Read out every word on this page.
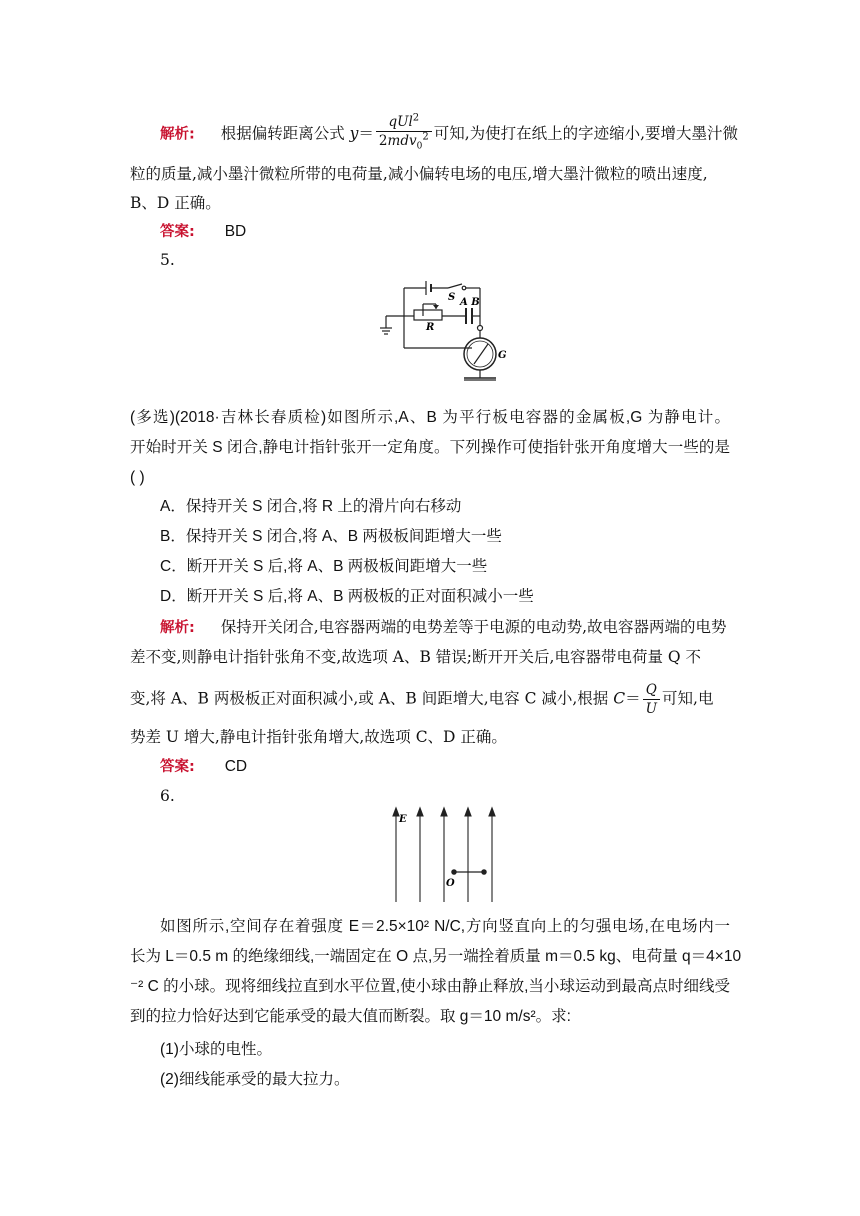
解析: 根据偏转距离公式 $y= \frac{qUl^2}{2mdv_0^2}$ 可知,为使打在纸上的字迹缩小,要增大墨汁微
粒的质量,减小墨汁微粒所带的电荷量,减小偏转电场的电压,增大墨汁微粒的喷出速度,
B、D 正确。
答案: BD
5.
S A B
R
G
(多选)(2018·吉林长春质检)如图所示,A、B 为平行板电容器的金属板,G 为静电计。
开始时开关 S 闭合,静电计指针张开一定角度。下列操作可使指针张开角度增大一些的是
( )
A．保持开关 S 闭合,将 R 上的滑片向右移动
B．保持开关 S 闭合,将 A、B 两极板间距增大一些
C．断开开关 S 后,将 A、B 两极板间距增大一些
D．断开开关 S 后,将 A、B 两极板的正对面积减小一些
解析: 保持开关闭合,电容器两端的电势差等于电源的电动势,故电容器两端的电势
差不变,则静电计指针张角不变,故选项 A、B 错误;断开开关后,电容器带电荷量 Q 不
变,将 A、B 两极板正对面积减小,或 A、B 间距增大,电容 C 减小,根据 $C= \frac{Q}{U}$ 可知,电
势差 U 增大,静电计指针张角增大,故选项 C、D 正确。
答案: CD
6.
E
O
如图所示,空间存在着强度 E＝2.5×10² N/C,方向竖直向上的匀强电场,在电场内一
长为 L＝0.5 m 的绝缘细线,一端固定在 O 点,另一端拴着质量 m＝0.5 kg、电荷量 q＝4×10
⁻² C 的小球。现将细线拉直到水平位置,使小球由静止释放,当小球运动到最高点时细线受
到的拉力恰好达到它能承受的最大值而断裂。取 g＝10 m/s²。求:
(1)小球的电性。
(2)细线能承受的最大拉力。
